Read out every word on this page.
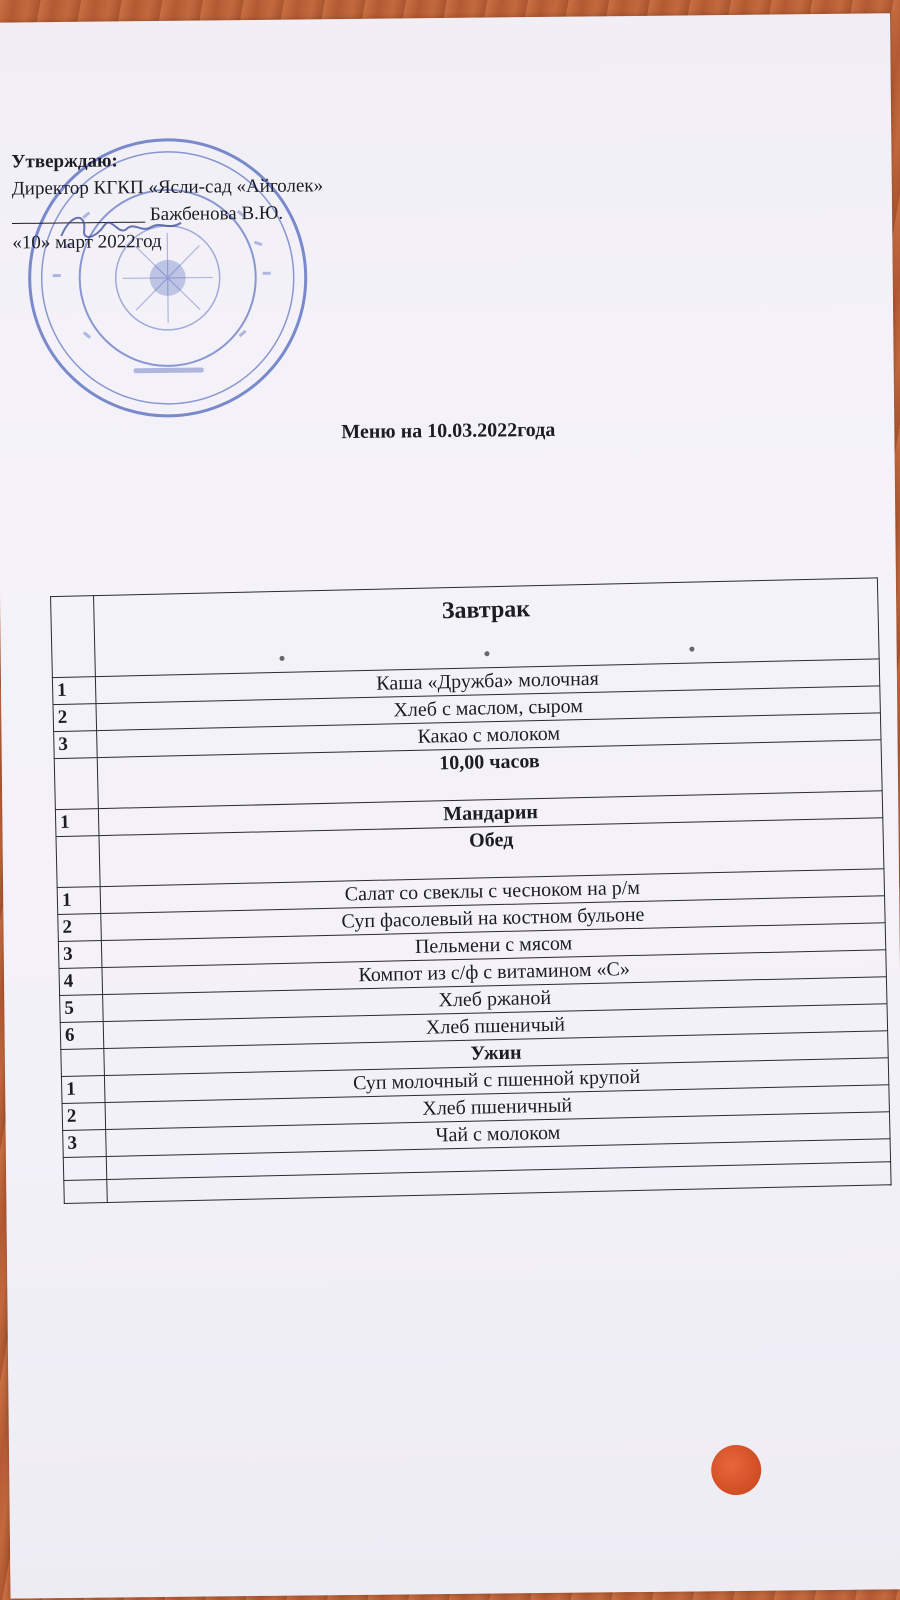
Утверждаю:
Директор КГКП «Ясли-сад «Айголек»
______________ Бажбенова В.Ю.
«10» март 2022год
Меню на 10.03.2022года

	Завтрак

1	Каша «Дружба» молочная
2	Хлеб с маслом, сыром
3	Какао с молоком
	10,00 часов
1	Мандарин
	Обед
1	Салат со свеклы с чесноком на р/м
2	Суп фасолевый на костном бульоне
3	Пельмени с мясом
4	Компот из с/ф с витамином «С»
5	Хлеб ржаной
6	Хлеб пшеничый
	Ужин
1	Суп молочный с пшенной крупой
2	Хлеб пшеничный
3	Чай с молоком
